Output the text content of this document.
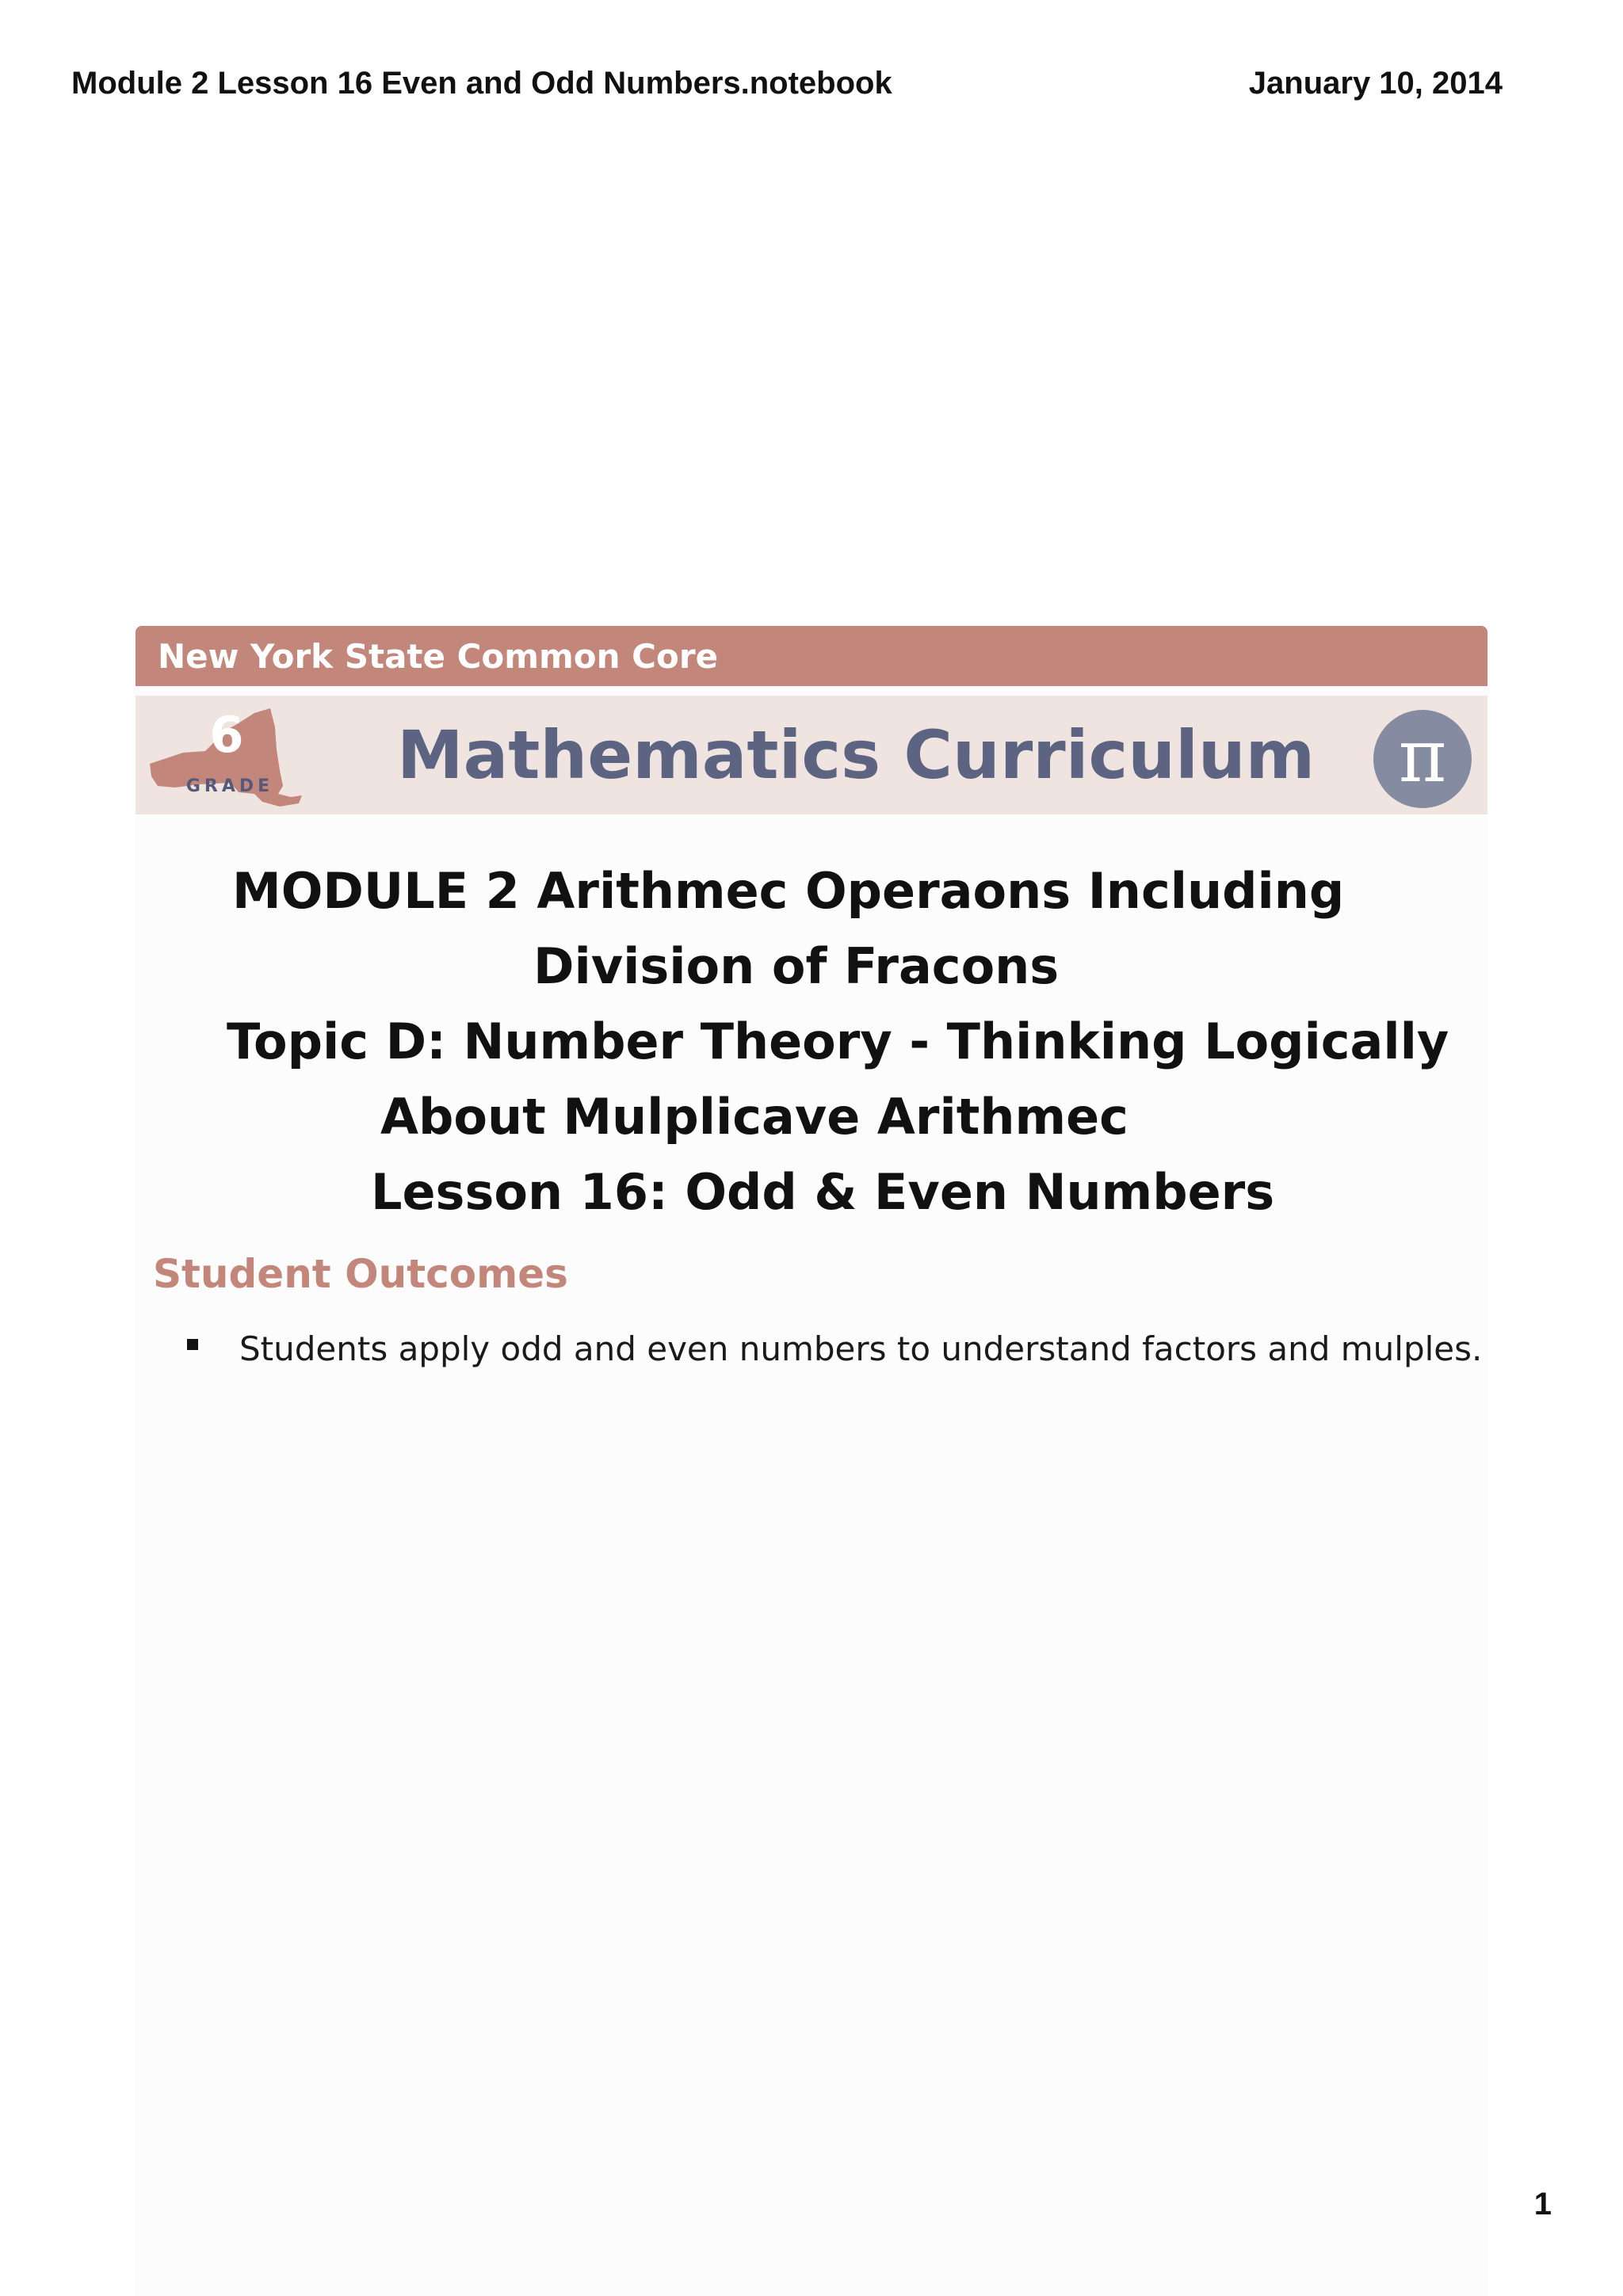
Module 2 Lesson 16 Even and Odd Numbers.notebook	January 10, 2014
New York State Common Core
6
GRADE Mathematics Curriculum	π
MODULE 2 Arithmec Operaons Including
Division of Fracons
Topic D: Number Theory - Thinking Logically
About Mulplicave Arithmec
Lesson 16: Odd & Even Numbers
Student Outcomes
Students apply odd and even numbers to understand factors and mulples.
1
